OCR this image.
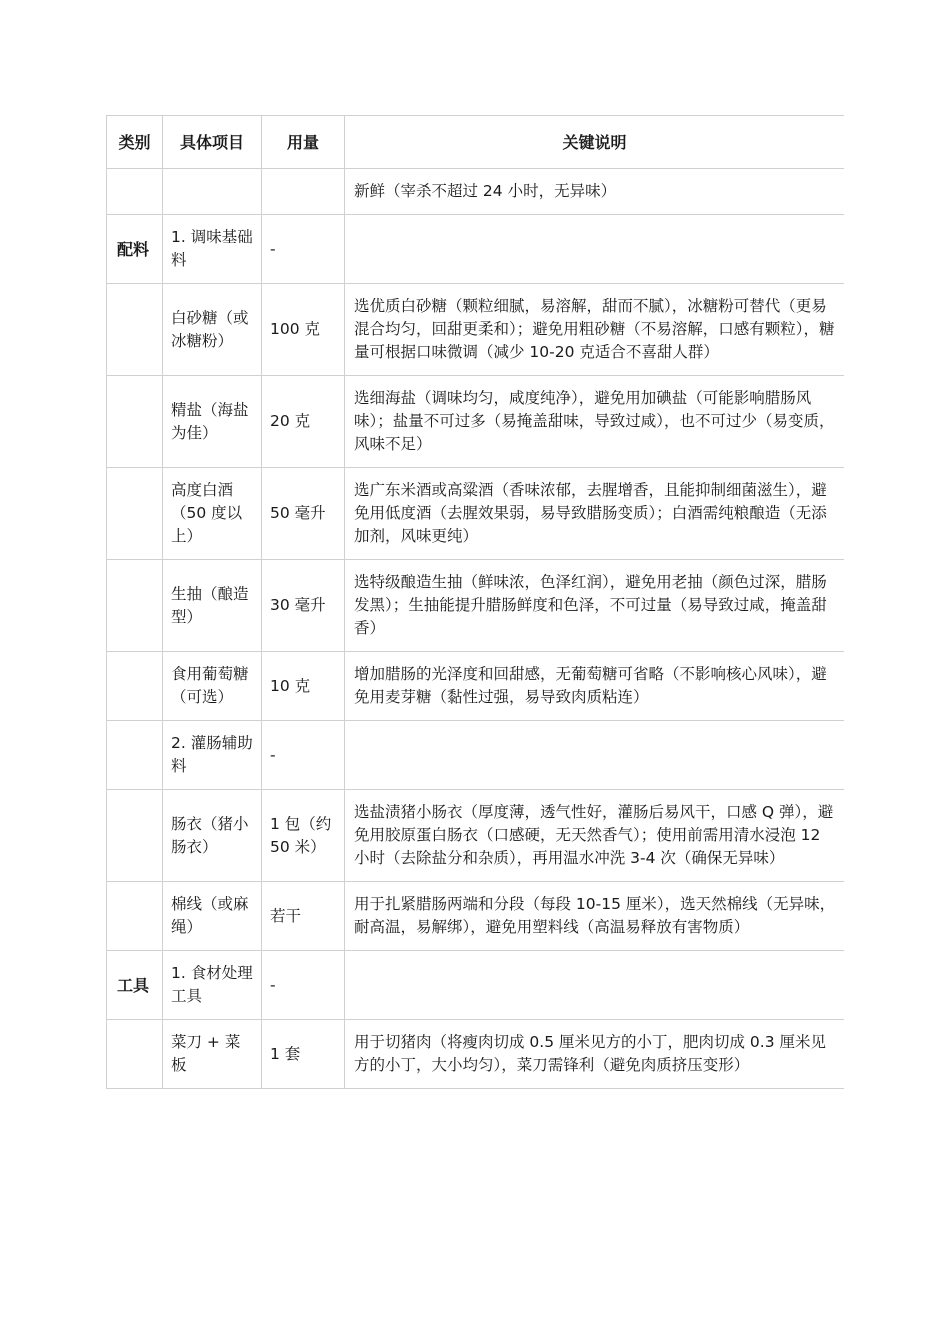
类别	具体项目	用量	关键说明
			新鲜（宰杀不超过 24 小时，无异味）
配料	1. 调味基础料	-	
	白砂糖（或冰糖粉）	100 克	选优质白砂糖（颗粒细腻，易溶解，甜而不腻），冰糖粉可替代（更易混合均匀，回甜更柔和）；避免用粗砂糖（不易溶解，口感有颗粒），糖量可根据口味微调（减少 10-20 克适合不喜甜人群）
	精盐（海盐为佳）	20 克	选细海盐（调味均匀，咸度纯净），避免用加碘盐（可能影响腊肠风味）；盐量不可过多（易掩盖甜味，导致过咸），也不可过少（易变质，风味不足）
	高度白酒（50 度以上）	50 毫升	选广东米酒或高粱酒（香味浓郁，去腥增香，且能抑制细菌滋生），避免用低度酒（去腥效果弱，易导致腊肠变质）；白酒需纯粮酿造（无添加剂，风味更纯）
	生抽（酿造型）	30 毫升	选特级酿造生抽（鲜味浓，色泽红润），避免用老抽（颜色过深，腊肠发黑）；生抽能提升腊肠鲜度和色泽，不可过量（易导致过咸，掩盖甜香）
	食用葡萄糖（可选）	10 克	增加腊肠的光泽度和回甜感，无葡萄糖可省略（不影响核心风味），避免用麦芽糖（黏性过强，易导致肉质粘连）
	2. 灌肠辅助料	-	
	肠衣（猪小肠衣）	1 包（约 50 米）	选盐渍猪小肠衣（厚度薄，透气性好，灌肠后易风干，口感 Q 弹），避免用胶原蛋白肠衣（口感硬，无天然香气）；使用前需用清水浸泡 12 小时（去除盐分和杂质），再用温水冲洗 3-4 次（确保无异味）
	棉线（或麻绳）	若干	用于扎紧腊肠两端和分段（每段 10-15 厘米），选天然棉线（无异味，耐高温，易解绑），避免用塑料线（高温易释放有害物质）
工具	1. 食材处理工具	-	
	菜刀 + 菜板	1 套	用于切猪肉（将瘦肉切成 0.5 厘米见方的小丁，肥肉切成 0.3 厘米见方的小丁，大小均匀），菜刀需锋利（避免肉质挤压变形）
